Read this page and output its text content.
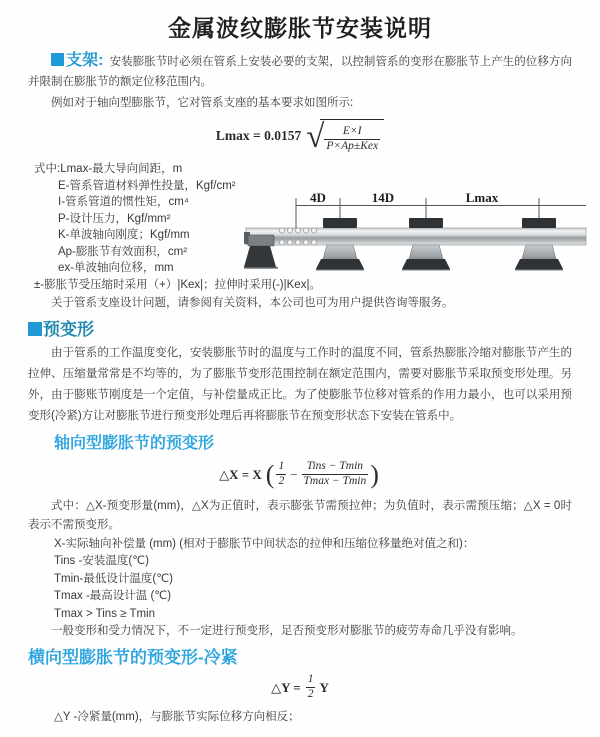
金属波纹膨胀节安装说明

支架: 安装膨胀节时必须在管系上安装必要的支架，以控制管系的变形在膨胀节上产生的位移方向并限制在膨胀节的额定位移范围内。

例如对于轴向型膨胀节，它对管系支座的基本要求如图所示:

Lmax = 0.0157 √ $\frac{E\times I}{\text{P×Ap±Kex}}$
式中:Lmax-最大导向间距，m
E-管系管道材料弹性投量，Kgf/cm²
I-管系管道的惯性矩，cm⁴
P-设计压力，Kgf/mm²
K-单波轴向刚度；Kgf/mm
Ap-膨胀节有效面积，cm²
ex-单波轴向位移，mm
±-膨胀节受压缩时采用（+）|Kex|；拉伸时采用(-)|Kex|。
关于管系支座设计问题，请参阅有关资料，本公司也可为用户提供咨询等服务。
预变形

由于管系的工作温度变化，安装膨胀节时的温度与工作时的温度不同，管系热膨胀冷缩对膨胀节产生的拉伸、压缩量常常是不均等的，为了膨胀节变形范围控制在额定范围内，需要对膨胀节采取预变形处理。另外，由于膨账节刚度是一个定值，与补偿量成正比。为了使膨胀节位移对管系的作用力最小，也可以采用预变形(冷紧)方让对膨胀节进行预变形处理后再将膨胀节在预变形状态下安装在管系中。

轴向型膨胀节的预变形
△X = X ( $\frac{1}{2} - \frac{\text{Tins − Tmin}}{Tmax - Tmin}$ )

式中：△X-预变形量(mm)，△X为正值时，表示膨张节需预拉伸；为负值时，表示需预压缩；△X = 0时表示不需预变形。

X-实际轴向补偿量 (mm) (相对于膨胀节中间状态的拉伸和压缩位移量绝对值之和)：
Tins -安装温度(℃)
Tmin-最低设计温度(℃)
Tmax -最高设计温 (℃)
Tmax > Tins ≥ Tmin
一般变形和受力情况下，不一定进行预变形，足否预变形对膨胀节的疲劳寿命几乎没有影响。
横向型膨胀节的预变形-冷紧
△Y = $\frac{1}{2}$ Y
△Y -冷紧量(mm)，与膨胀节实际位移方向相反；
4D	14D	Lmax
